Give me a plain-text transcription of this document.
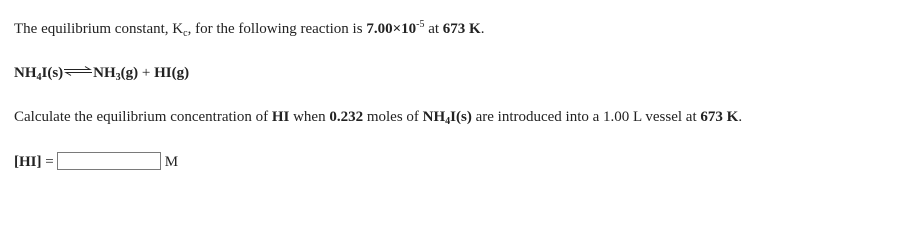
The equilibrium constant, $K_c$, for the following reaction is $7.00\times 10^{-5}$ at 673 K.
$NH_4I(s)\rightleftharpoons NH_3(g) + HI(g)$
Calculate the equilibrium concentration of HI when 0.232 moles of $NH_4I(s)$ are introduced into a 1.00 L vessel at 673 K.
[HI] =	M
